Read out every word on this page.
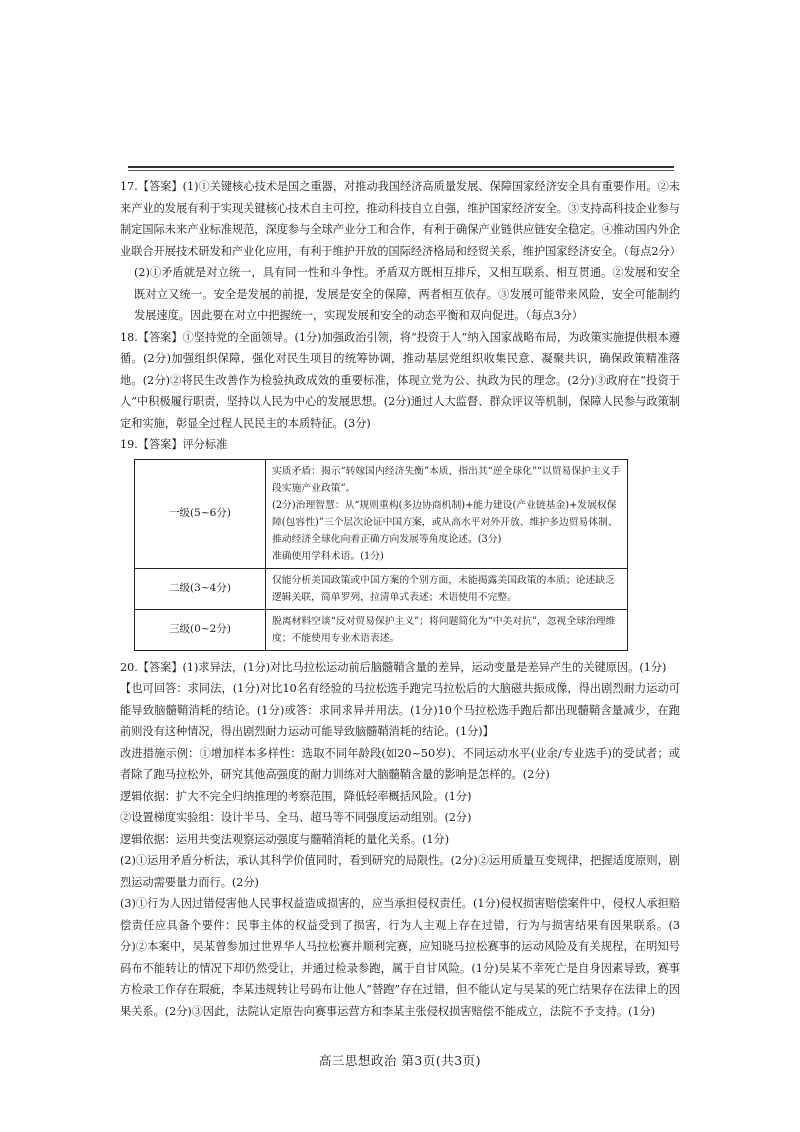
17.【答案】(1)①关键核心技术是国之重器，对推动我国经济高质量发展、保障国家经济安全具有重要作用。②未来产业的发展有利于实现关键核心技术自主可控，推动科技自立自强，维护国家经济安全。③支持高科技企业参与制定国际未来产业标准规范，深度参与全球产业分工和合作，有利于确保产业链供应链安全稳定。④推动国内外企业联合开展技术研发和产业化应用，有利于维护开放的国际经济格局和经贸关系，维护国家经济安全。（每点2分）

(2)①矛盾就是对立统一，具有同一性和斗争性。矛盾双方既相互排斥，又相互联系、相互贯通。②发展和安全既对立又统一。安全是发展的前提，发展是安全的保障，两者相互依存。③发展可能带来风险，安全可能制约发展速度。因此要在对立中把握统一，实现发展和安全的动态平衡和双向促进。（每点3分）

18.【答案】①坚持党的全面领导。(1分)加强政治引领，将“投资于人”纳入国家战略布局，为政策实施提供根本遵循。(2分)加强组织保障，强化对民生项目的统筹协调，推动基层党组织收集民意、凝聚共识，确保政策精准落地。(2分)②将民生改善作为检验执政成效的重要标准，体现立党为公、执政为民的理念。(2分)③政府在“投资于人”中积极履行职责，坚持以人民为中心的发展思想。(2分)通过人大监督、群众评议等机制，保障人民参与政策制定和实施，彰显全过程人民民主的本质特征。(3分)

19.【答案】评分标准

一级(5~6分)	实质矛盾：揭示“转嫁国内经济失衡”本质，指出其“逆全球化”“以贸易保护主义手段实施产业政策”。
(2分)治理智慧：从“规则重构(多边协商机制)+能力建设(产业链基金)+发展权保障(包容性)”三个层次论证中国方案，或从高水平对外开放、维护多边贸易体制、推动经济全球化向着正确方向发展等角度论述。(3分)
准确使用学科术语。(1分)

二级(3~4分)	仅能分析美国政策或中国方案的个别方面，未能揭露美国政策的本质；论述缺乏逻辑关联，简单罗列，拉清单式表述；术语使用不完整。

三级(0~2分)	脱离材料空谈“反对贸易保护主义”；将问题简化为“中美对抗”，忽视全球治理维度；不能使用专业术语表述。

20.【答案】(1)求异法，(1分)对比马拉松运动前后脑髓鞘含量的差异，运动变量是差异产生的关键原因。(1分)

【也可回答：求同法，(1分)对比10名有经验的马拉松选手跑完马拉松后的大脑磁共振成像，得出剧烈耐力运动可能导致脑髓鞘消耗的结论。(1分)或答：求同求异并用法。(1分)10个马拉松选手跑后都出现髓鞘含量减少，在跑前则没有这种情况，得出剧烈耐力运动可能导致脑髓鞘消耗的结论。(1分)】

改进措施示例：①增加样本多样性：选取不同年龄段(如20~50岁)、不同运动水平(业余/专业选手)的受试者；或者除了跑马拉松外，研究其他高强度的耐力训练对大脑髓鞘含量的影响是怎样的。(2分)

逻辑依据：扩大不完全归纳推理的考察范围，降低轻率概括风险。(1分)

②设置梯度实验组：设计半马、全马、超马等不同强度运动组别。(2分)

逻辑依据：运用共变法观察运动强度与髓鞘消耗的量化关系。(1分)

(2)①运用矛盾分析法，承认其科学价值同时，看到研究的局限性。(2分)②运用质量互变规律，把握适度原则，剧烈运动需要量力而行。(2分)

(3)①行为人因过错侵害他人民事权益造成损害的，应当承担侵权责任。(1分)侵权损害赔偿案件中，侵权人承担赔偿责任应具备个要件：民事主体的权益受到了损害，行为人主观上存在过错，行为与损害结果有因果联系。(3分)②本案中，吴某曾参加过世界华人马拉松赛并顺利完赛，应知晓马拉松赛事的运动风险及有关规程，在明知号码布不能转让的情况下却仍然受让，并通过检录参跑，属于自甘风险。(1分)吴某不幸死亡是自身因素导致，赛事方检录工作存在瑕疵，李某违规转让号码布让他人“替跑”存在过错，但不能认定与吴某的死亡结果存在法律上的因果关系。(2分)③因此，法院认定原告向赛事运营方和李某主张侵权损害赔偿不能成立，法院不予支持。(1分)

高三思想政治 第3页(共3页)
